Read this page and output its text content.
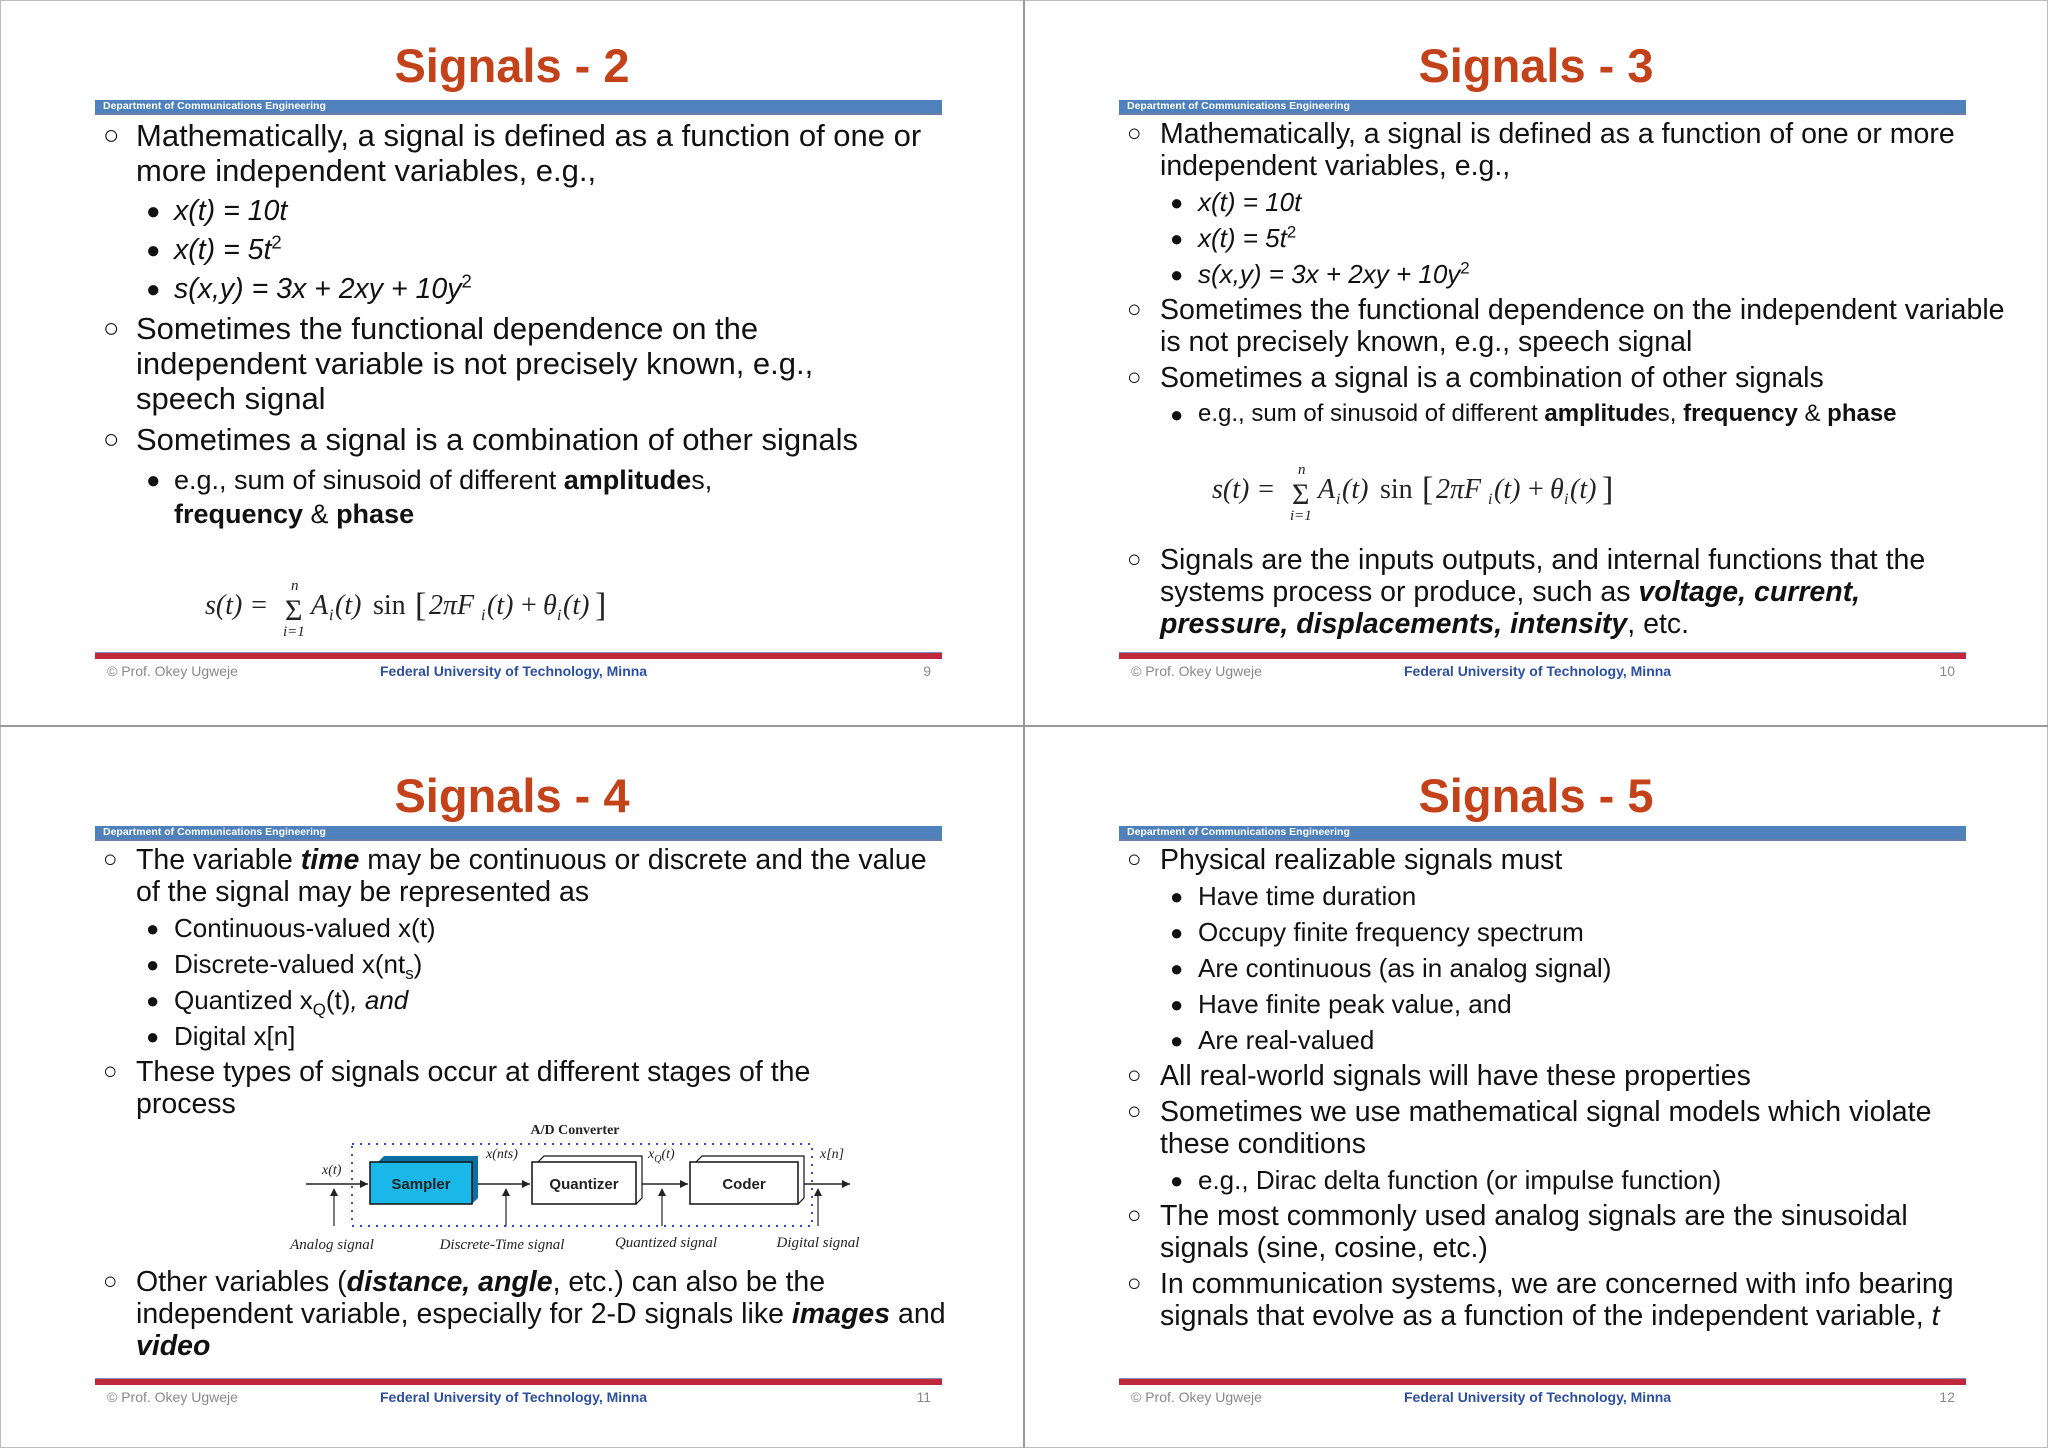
Signals - 2
Department of Communications Engineering
○ Mathematically, a signal is defined as a function of one or more independent variables, e.g.,
● x(t) = 10t
● $x(t) = 5t^2$
● $s(x,y) = 3x + 2xy + 10y^2$
○ Sometimes the functional dependence on the independent variable is not precisely known, e.g., speech signal
○ Sometimes a signal is a combination of other signals
● e.g., sum of sinusoid of different amplitudes, frequency & phase
s(t) = Σ
n
i=1
A i (t) sin [ 2πF i (t) + θ i (t) ]
© Prof. Okey Ugweje	Federal University of Technology, Minna	9
Signals - 3
Department of Communications Engineering
○ Mathematically, a signal is defined as a function of one or more independent variables, e.g.,
● x(t) = 10t
● $x(t) = 5t^2$
● $s(x,y) = 3x + 2xy + 10y^2$
○ Sometimes the functional dependence on the independent variable is not precisely known, e.g., speech signal
○ Sometimes a signal is a combination of other signals
● e.g., sum of sinusoid of different amplitudes, frequency & phase
s(t) = Σ
n
i=1
A i (t) sin [ 2πF i (t) + θ i (t) ]
○ Signals are the inputs outputs, and internal functions that the systems process or produce, such as voltage, current, pressure, displacements, intensity, etc.
© Prof. Okey Ugweje	Federal University of Technology, Minna	10
Signals - 4
Department of Communications Engineering
○ The variable time may be continuous or discrete and the value of the signal may be represented as
● Continuous-valued x(t)
● Discrete-valued $x(nt_s)$
● Quantized $x_Q(t)$, and
● Digital x[n]
○ These types of signals occur at different stages of the process
A/D Converter
x(t)
Sampler
x(nts)
Quantizer
$x_Q(t)$
Coder
x[n]
Analog signal	Discrete-Time signal	Quantized signal	Digital signal
○ Other variables (distance, angle, etc.) can also be the independent variable, especially for 2-D signals like images and video
© Prof. Okey Ugweje	Federal University of Technology, Minna	11
Signals - 5
Department of Communications Engineering
○ Physical realizable signals must
● Have time duration
● Occupy finite frequency spectrum
● Are continuous (as in analog signal)
● Have finite peak value, and
● Are real-valued
○ All real-world signals will have these properties
○ Sometimes we use mathematical signal models which violate these conditions
● e.g., Dirac delta function (or impulse function)
○ The most commonly used analog signals are the sinusoidal signals (sine, cosine, etc.)
○ In communication systems, we are concerned with info bearing signals that evolve as a function of the independent variable, t
© Prof. Okey Ugweje	Federal University of Technology, Minna	12
